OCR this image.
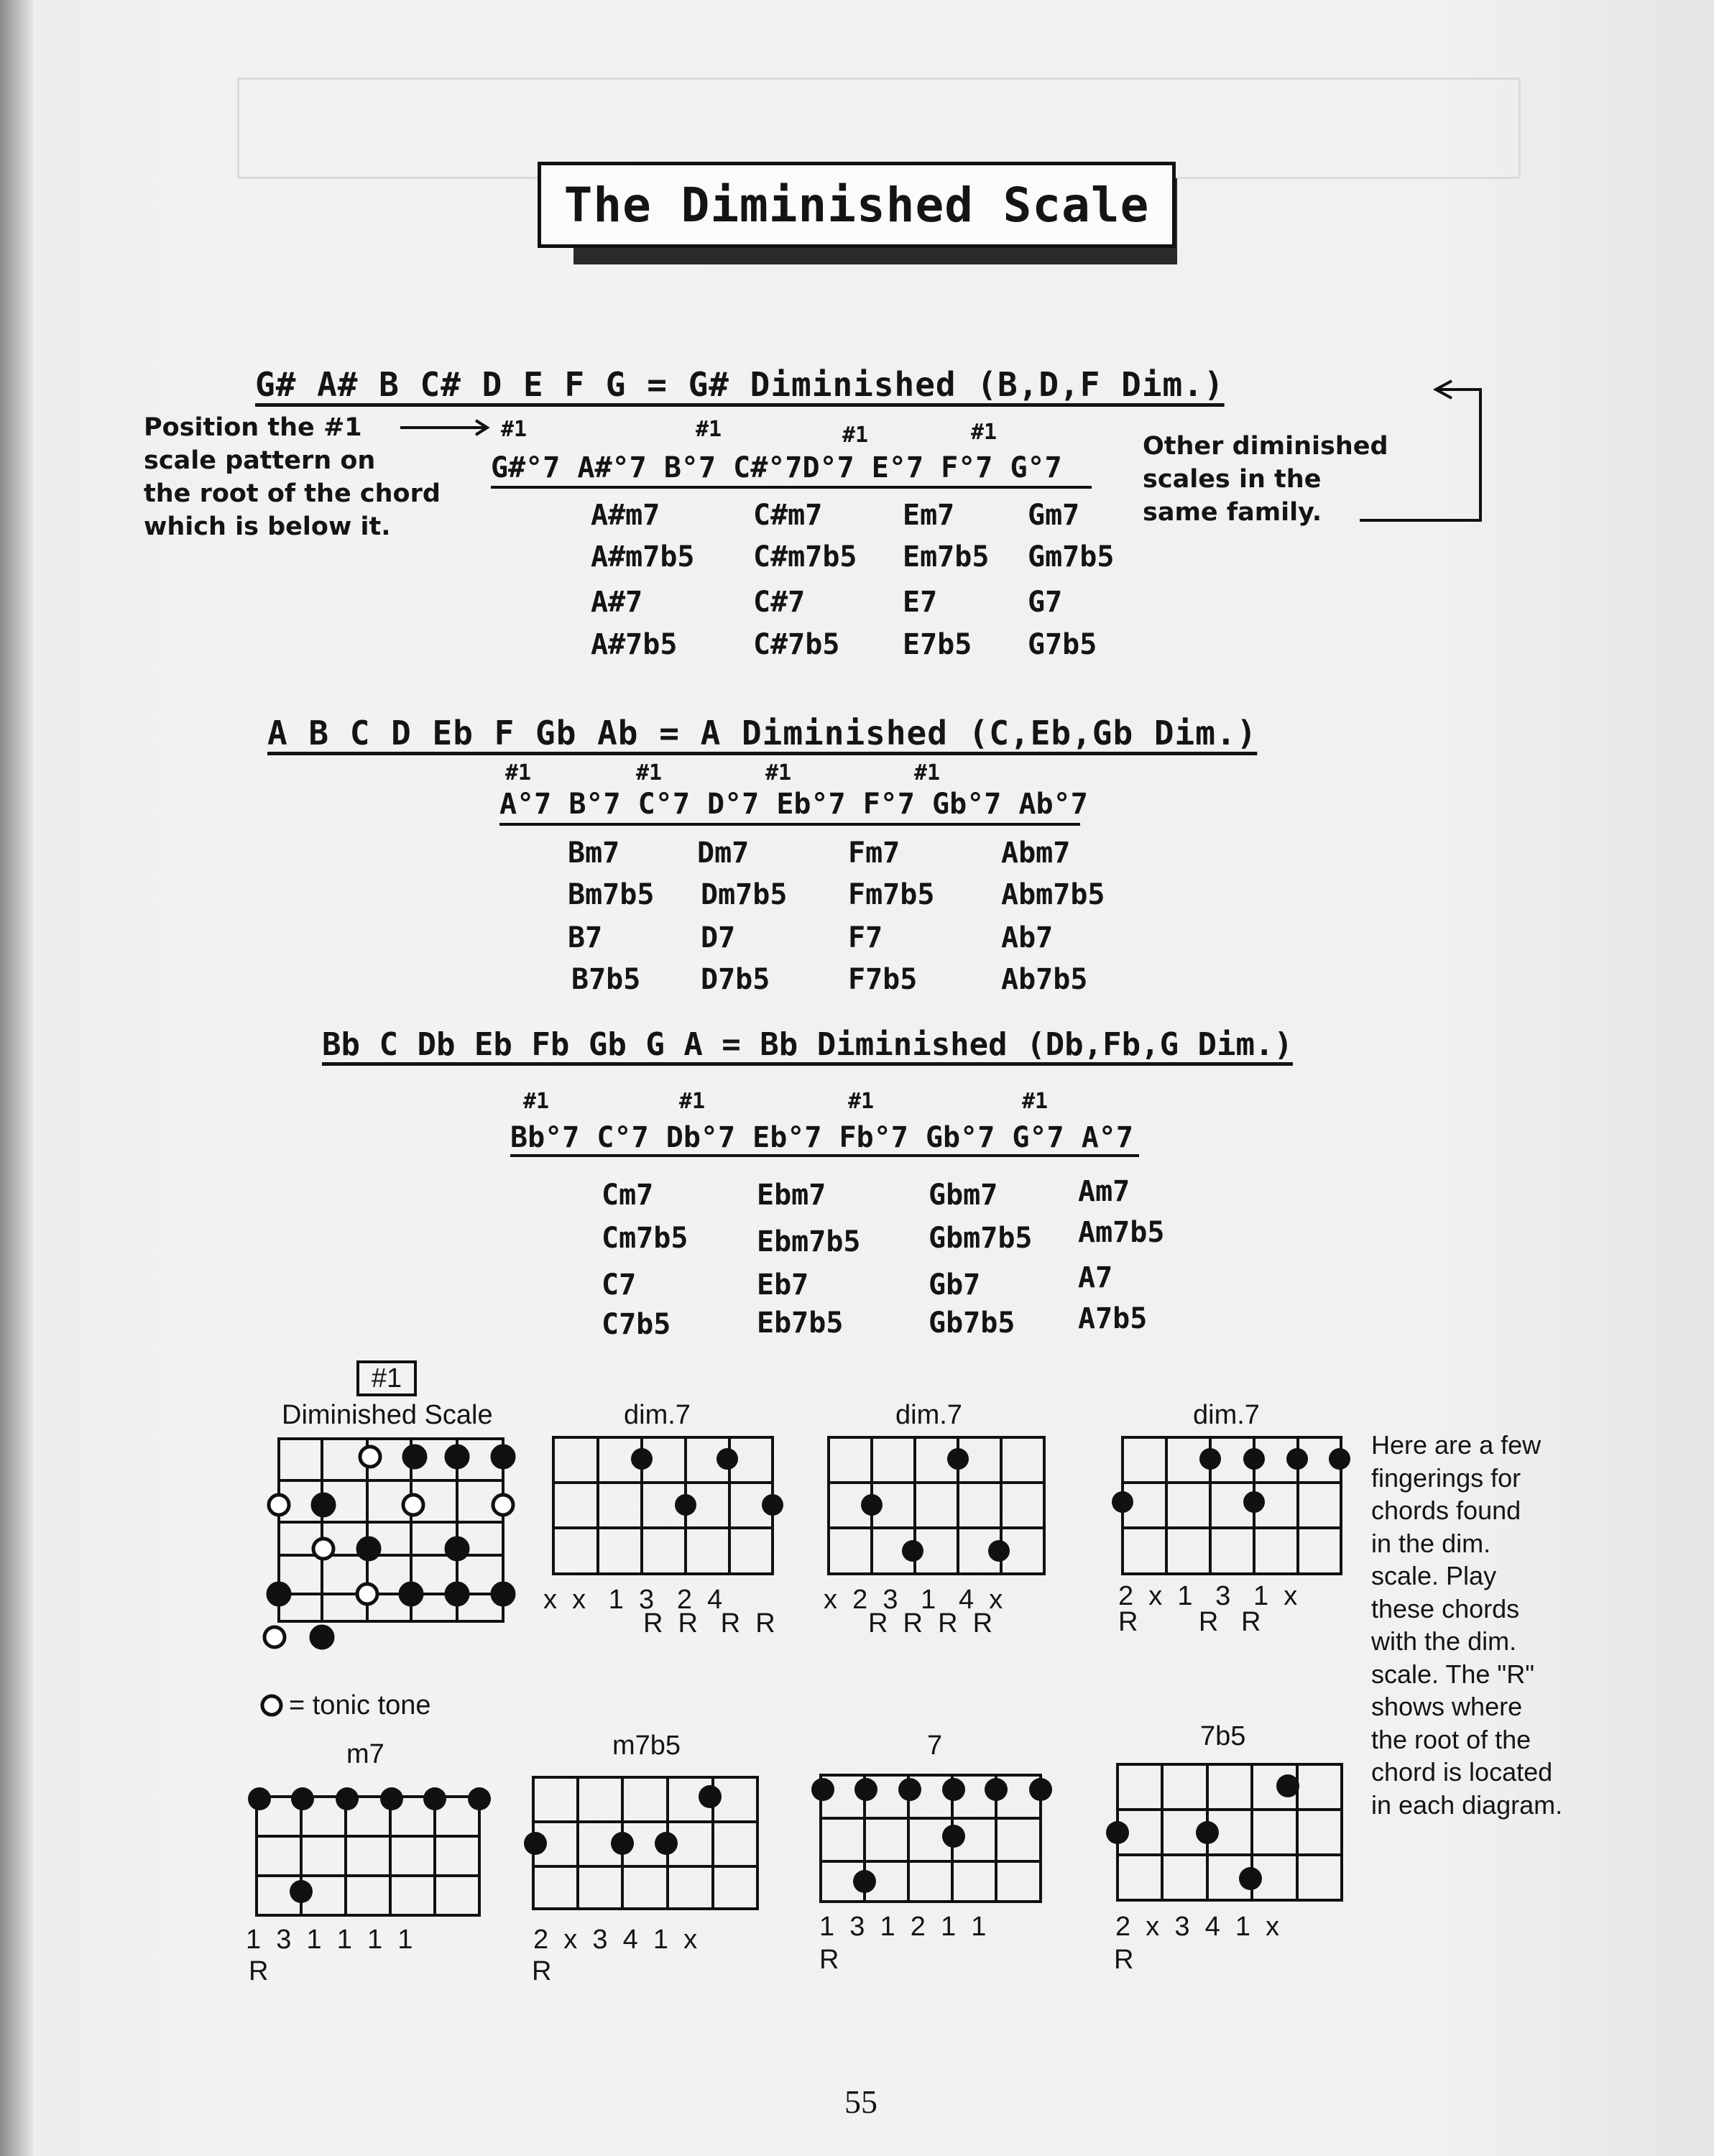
The Diminished Scale
G# A# B C# D E F G = G# Diminished (B,D,F Dim.)
#1	#1	#1	#1
G#°7 A#°7 B°7 C#°7D°7 E°7 F°7 G°7
A#m7	C#m7	Em7	Gm7
A#m7b5 C#m7b5 Em7b5 Gm7b5
A#7	C#7	E7	G7
A#7b5	C#7b5 E7b5 G7b5
Position the #1
scale pattern on
the root of the chord
which is below it.
Other diminished
scales in the
same family.
A B C D Eb F Gb Ab = A Diminished (C,Eb,Gb Dim.)
#1	#1	#1	#1
A°7 B°7 C°7 D°7 Eb°7 F°7 Gb°7 Ab°7
Bm7	Dm7	Fm7	Abm7
Bm7b5 Dm7b5 Fm7b5 Abm7b5
B7	D7	F7	Ab7
B7b5 D7b5	F7b5	Ab7b5
Bb C Db Eb Fb Gb G A = Bb Diminished (Db,Fb,G Dim.)
#1	#1	#1	#1
Bb°7 C°7 Db°7 Eb°7 Fb°7 Gb°7 G°7 A°7
Cm7	Ebm7	Gbm7	Am7
Cm7b5 Ebm7b5 Gbm7b5 Am7b5
C7	Eb7	Gb7	A7
C7b5	Eb7b5	Gb7b5 A7b5
#1
Diminished Scale	dim.7	dim.7	dim.7
Here are a few
fingerings for
chords found
in the dim.
scale. Play
these chords
with the dim.
scale. The "R"
shows where
the root of the
chord is located
in each diagram.
x  x   1  3   2  4
R  R   R  R
x  2  3   1   4  x
R  R  R  R
2  x  1   3   1  x
R        R   R
= tonic tone
m7	m7b5	7	7b5
1  3  1  1  1  1
R
2  x  3  4  1  x
R
1  3  1  2  1  1
R
2  x  3  4  1  x
R
55
